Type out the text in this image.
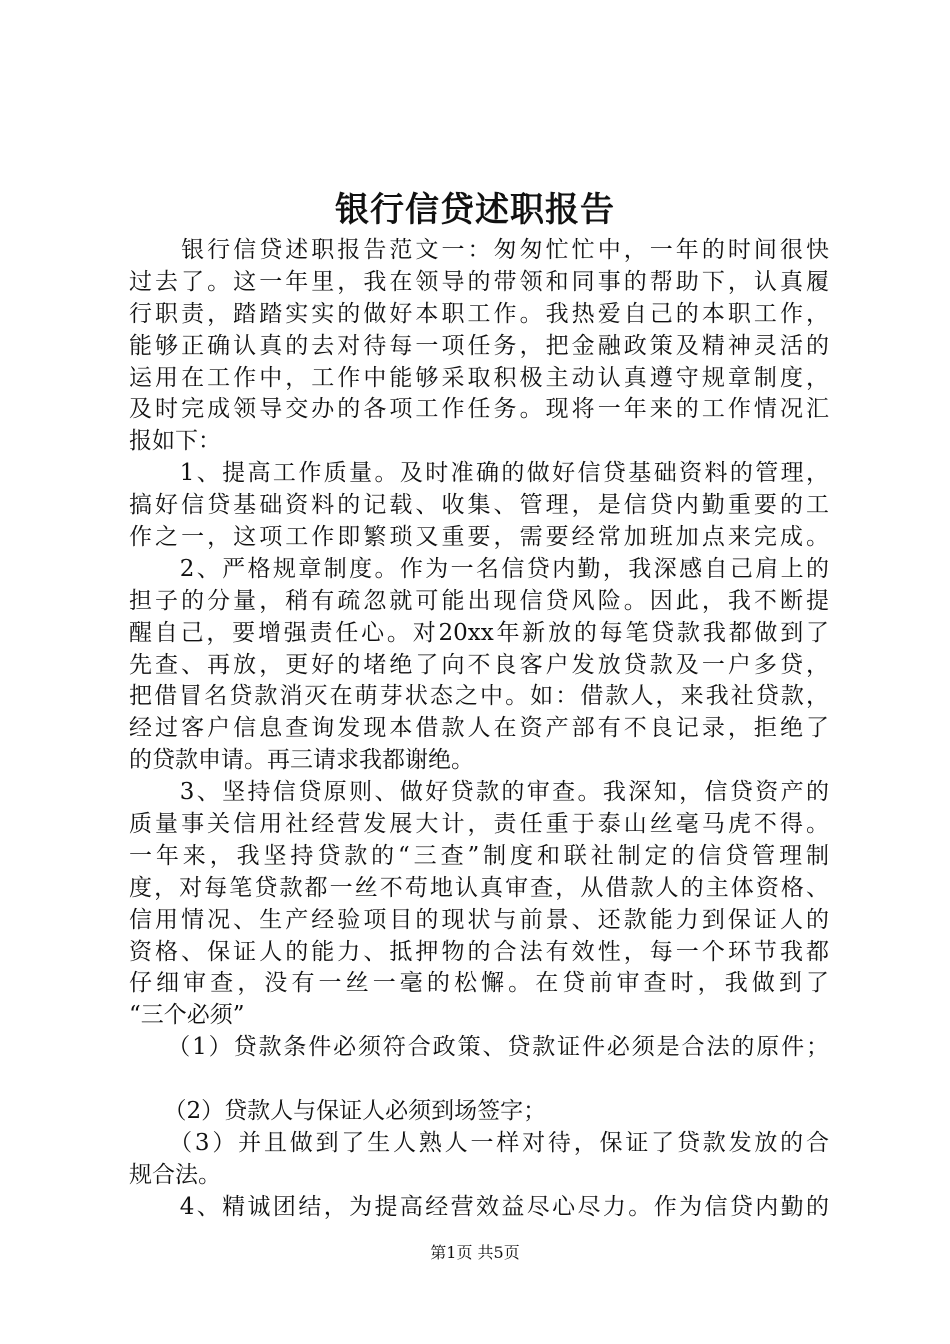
银行信贷述职报告
　　银行信贷述职报告范文一：匆匆忙忙中，一年的时间很快
过去了。这一年里，我在领导的带领和同事的帮助下，认真履
行职责，踏踏实实的做好本职工作。我热爱自己的本职工作，
能够正确认真的去对待每一项任务，把金融政策及精神灵活的
运用在工作中，工作中能够采取积极主动认真遵守规章制度，
及时完成领导交办的各项工作任务。现将一年来的工作情况汇
报如下：
　　1、提高工作质量。及时准确的做好信贷基础资料的管理，
搞好信贷基础资料的记载、收集、管理，是信贷内勤重要的工
作之一，这项工作即繁琐又重要，需要经常加班加点来完成。
　　2、严格规章制度。作为一名信贷内勤，我深感自己肩上的
担子的分量，稍有疏忽就可能出现信贷风险。因此，我不断提
醒自己，要增强责任心。对20xx年新放的每笔贷款我都做到了
先查、再放，更好的堵绝了向不良客户发放贷款及一户多贷，
把借冒名贷款消灭在萌芽状态之中。如：借款人，来我社贷款，
经过客户信息查询发现本借款人在资产部有不良记录，拒绝了
的贷款申请。再三请求我都谢绝。
　　3、坚持信贷原则、做好贷款的审查。我深知，信贷资产的
质量事关信用社经营发展大计，责任重于泰山丝毫马虎不得。
一年来，我坚持贷款的“三查”制度和联社制定的信贷管理制
度，对每笔贷款都一丝不苟地认真审查，从借款人的主体资格、
信用情况、生产经验项目的现状与前景、还款能力到保证人的
资格、保证人的能力、抵押物的合法有效性，每一个环节我都
仔细审查，没有一丝一毫的松懈。在贷前审查时，我做到了
“三个必须”
　　（1）贷款条件必须符合政策、贷款证件必须是合法的原件；
　　（2）贷款人与保证人必须到场签字；
　　（3）并且做到了生人熟人一样对待，保证了贷款发放的合
规合法。
　　4、精诚团结，为提高经营效益尽心尽力。作为信贷内勤的
第1页 共5页
